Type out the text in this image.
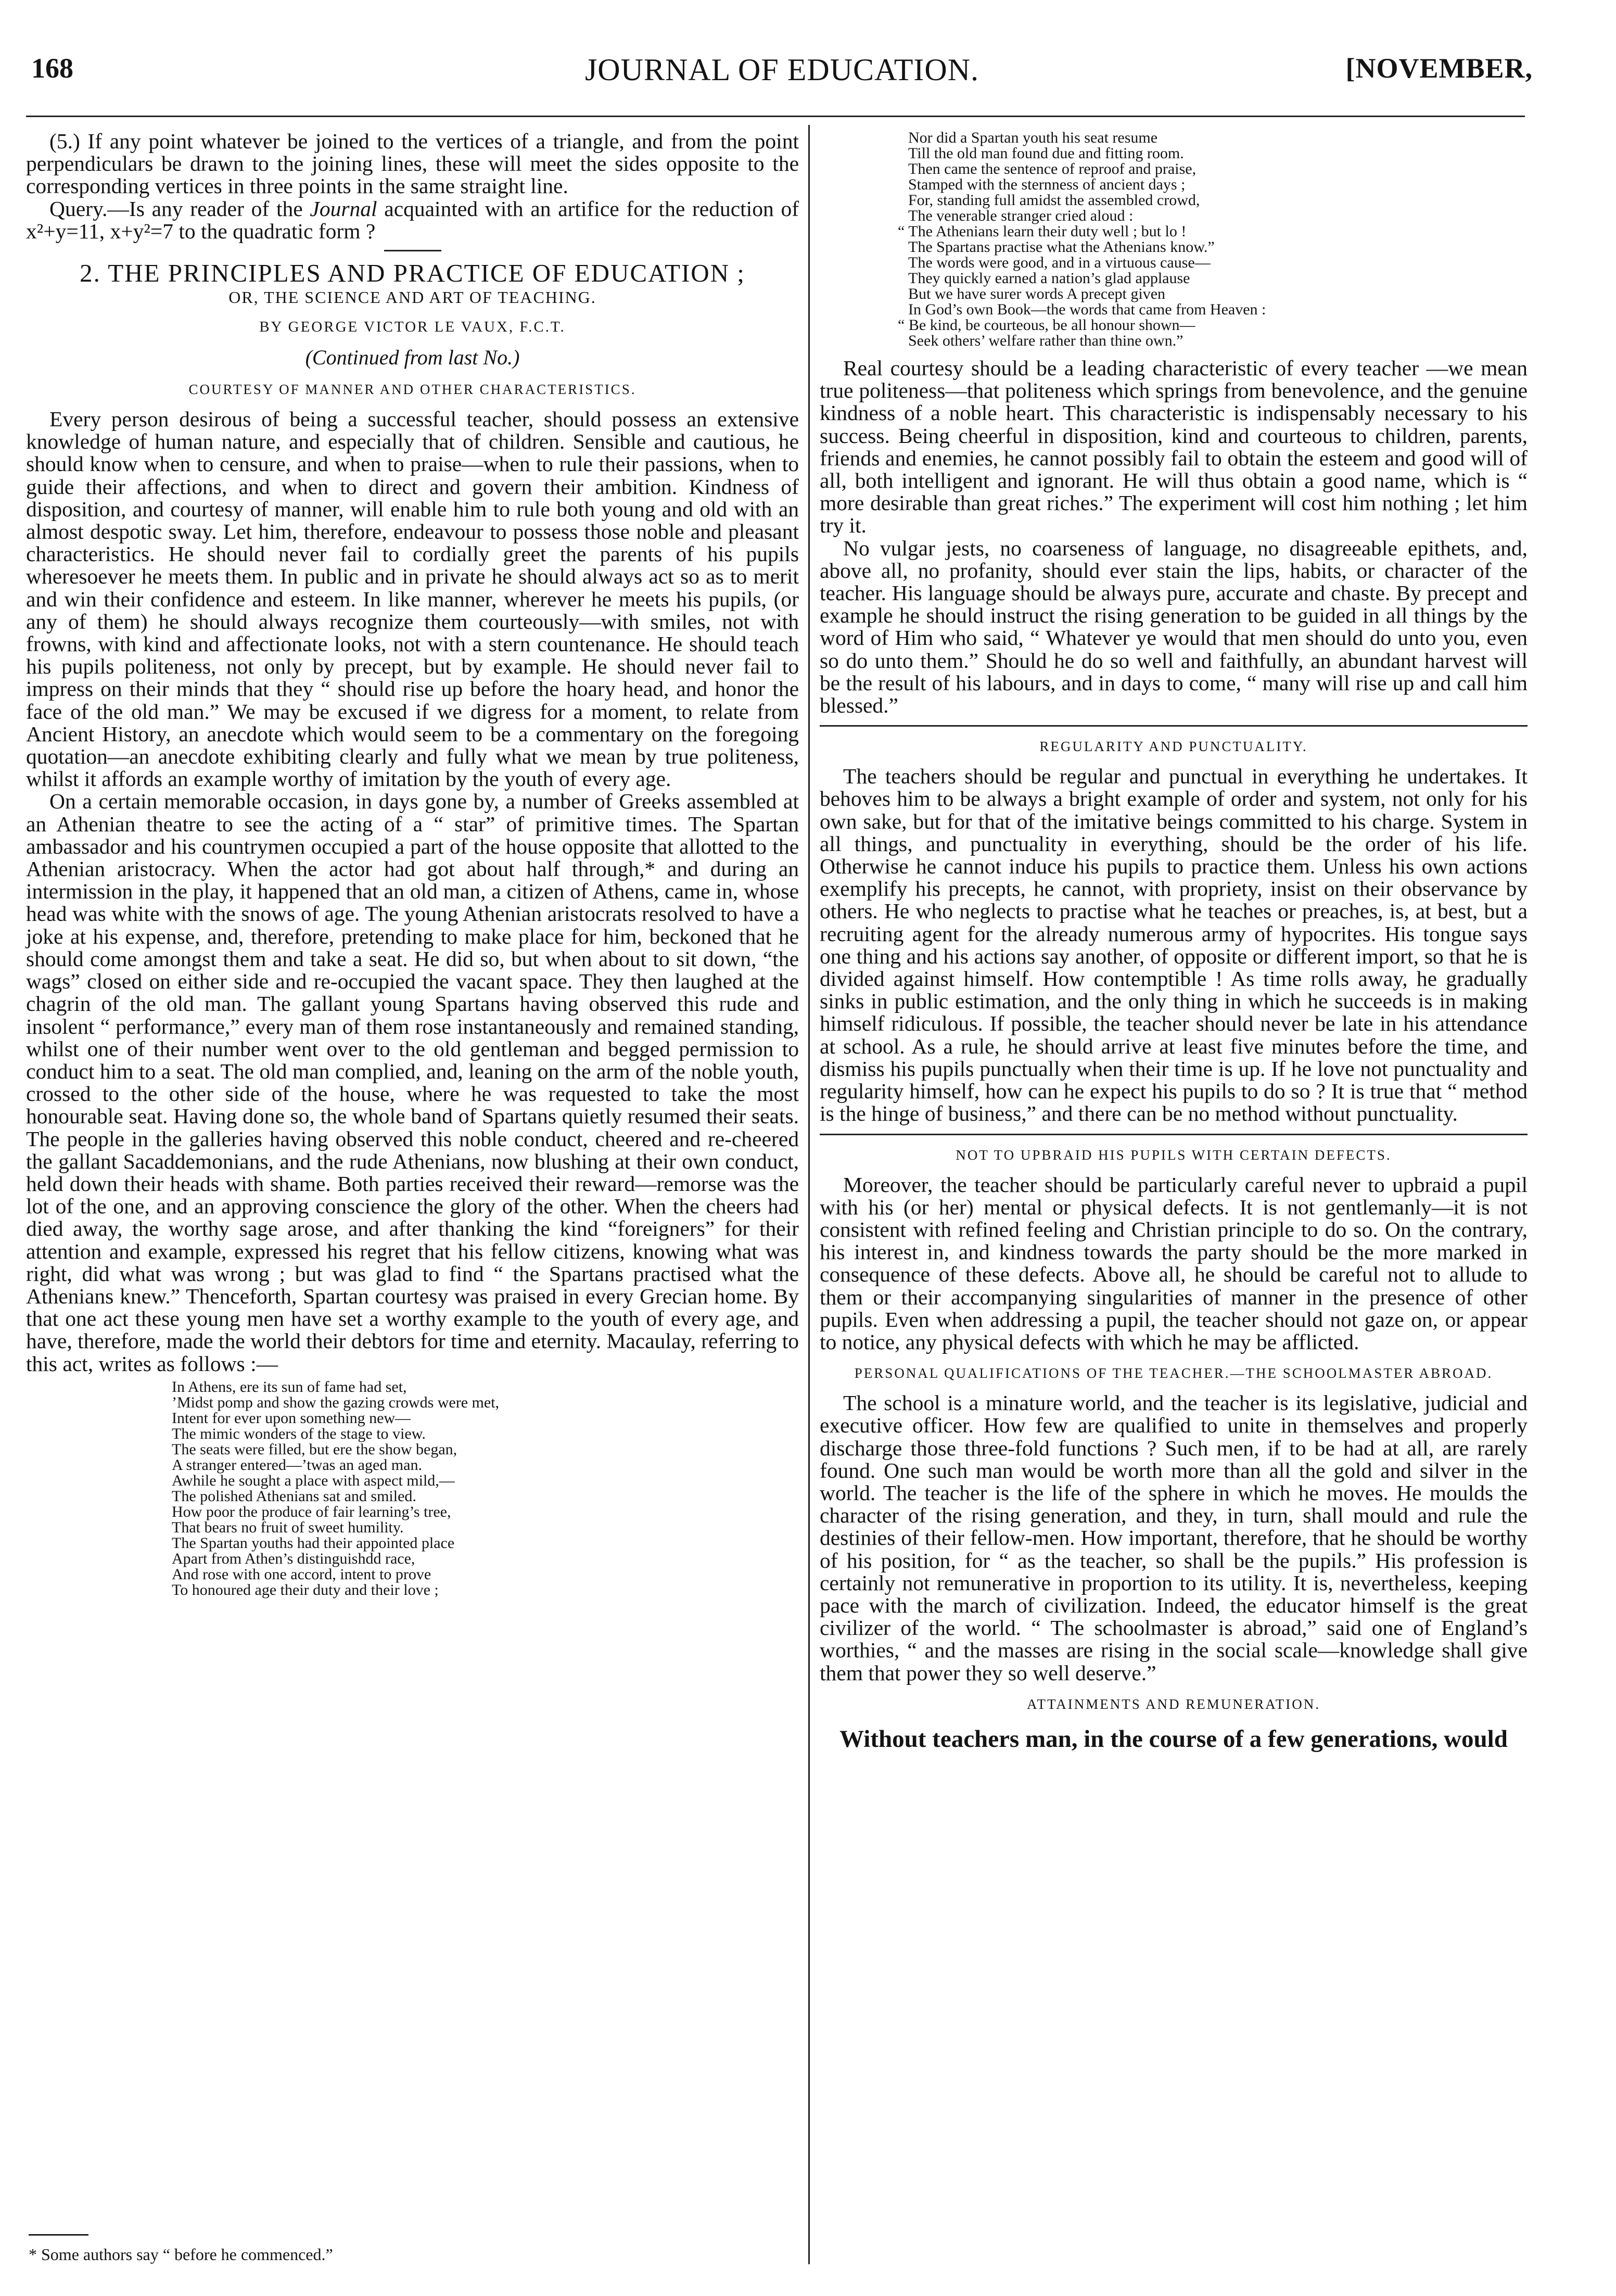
168	JOURNAL OF EDUCATION.	[NOVEMBER,

(5.) If any point whatever be joined to the vertices of a triangle, and from the point perpendiculars be drawn to the joining lines, these will meet the sides opposite to the corresponding vertices in three points in the same straight line.

Query.—Is any reader of the Journal acquainted with an artifice for the reduction of x²+y=11, x+y²=7 to the quadratic form ?

2. THE PRINCIPLES AND PRACTICE OF EDUCATION ;

OR, THE SCIENCE AND ART OF TEACHING.

BY GEORGE VICTOR LE VAUX, F.C.T.

(Continued from last No.)

COURTESY OF MANNER AND OTHER CHARACTERISTICS.

Every person desirous of being a successful teacher, should possess an extensive knowledge of human nature, and especially that of children. Sensible and cautious, he should know when to censure, and when to praise—when to rule their passions, when to guide their affections, and when to direct and govern their ambition. Kindness of disposition, and courtesy of manner, will enable him to rule both young and old with an almost despotic sway. Let him, therefore, endeavour to possess those noble and pleasant characteristics. He should never fail to cordially greet the parents of his pupils wheresoever he meets them. In public and in private he should always act so as to merit and win their confidence and esteem. In like manner, wherever he meets his pupils, (or any of them) he should always recognize them courteously—with smiles, not with frowns, with kind and affectionate looks, not with a stern countenance. He should teach his pupils politeness, not only by precept, but by example. He should never fail to impress on their minds that they “ should rise up before the hoary head, and honor the face of the old man.” We may be excused if we digress for a moment, to relate from Ancient History, an anecdote which would seem to be a commentary on the foregoing quotation—an anecdote exhibiting clearly and fully what we mean by true politeness, whilst it affords an example worthy of imitation by the youth of every age.

On a certain memorable occasion, in days gone by, a number of Greeks assembled at an Athenian theatre to see the acting of a “ star” of primitive times. The Spartan ambassador and his countrymen occupied a part of the house opposite that allotted to the Athenian aristocracy. When the actor had got about half through,* and during an intermission in the play, it happened that an old man, a citizen of Athens, came in, whose head was white with the snows of age. The young Athenian aristocrats resolved to have a joke at his expense, and, therefore, pretending to make place for him, beckoned that he should come amongst them and take a seat. He did so, but when about to sit down, “the wags” closed on either side and re-occupied the vacant space. They then laughed at the chagrin of the old man. The gallant young Spartans having observed this rude and insolent “ performance,” every man of them rose instantaneously and remained standing, whilst one of their number went over to the old gentleman and begged permission to conduct him to a seat. The old man complied, and, leaning on the arm of the noble youth, crossed to the other side of the house, where he was requested to take the most honourable seat. Having done so, the whole band of Spartans quietly resumed their seats. The people in the galleries having observed this noble conduct, cheered and re-cheered the gallant Sacaddemonians, and the rude Athenians, now blushing at their own conduct, held down their heads with shame. Both parties received their reward—remorse was the lot of the one, and an approving conscience the glory of the other. When the cheers had died away, the worthy sage arose, and after thanking the kind “foreigners” for their attention and example, expressed his regret that his fellow citizens, knowing what was right, did what was wrong ; but was glad to find “ the Spartans practised what the Athenians knew.” Thenceforth, Spartan courtesy was praised in every Grecian home. By that one act these young men have set a worthy example to the youth of every age, and have, therefore, made the world their debtors for time and eternity. Macaulay, referring to this act, writes as follows :—

In Athens, ere its sun of fame had set,
’Midst pomp and show the gazing crowds were met,
Intent for ever upon something new—
The mimic wonders of the stage to view.
The seats were filled, but ere the show began,
A stranger entered—’twas an aged man.
Awhile he sought a place with aspect mild,—
The polished Athenians sat and smiled.
How poor the produce of fair learning’s tree,
That bears no fruit of sweet humility.
The Spartan youths had their appointed place
Apart from Athen’s distinguishdd race,
And rose with one accord, intent to prove
To honoured age their duty and their love ;
* Some authors say “ before he commenced.”
Nor did a Spartan youth his seat resume
Till the old man found due and fitting room.
Then came the sentence of reproof and praise,
Stamped with the sternness of ancient days ;
For, standing full amidst the assembled crowd,
The venerable stranger cried aloud :
“ The Athenians learn their duty well ; but lo !
The Spartans practise what the Athenians know.”
The words were good, and in a virtuous cause—
They quickly earned a nation’s glad applause
But we have surer words A precept given
In God’s own Book—the words that came from Heaven :
“ Be kind, be courteous, be all honour shown—
Seek others’ welfare rather than thine own.”

Real courtesy should be a leading characteristic of every teacher —we mean true politeness—that politeness which springs from benevolence, and the genuine kindness of a noble heart. This characteristic is indispensably necessary to his success. Being cheerful in disposition, kind and courteous to children, parents, friends and enemies, he cannot possibly fail to obtain the esteem and good will of all, both intelligent and ignorant. He will thus obtain a good name, which is “ more desirable than great riches.” The experiment will cost him nothing ; let him try it.

No vulgar jests, no coarseness of language, no disagreeable epithets, and, above all, no profanity, should ever stain the lips, habits, or character of the teacher. His language should be always pure, accurate and chaste. By precept and example he should instruct the rising generation to be guided in all things by the word of Him who said, “ Whatever ye would that men should do unto you, even so do unto them.” Should he do so well and faithfully, an abundant harvest will be the result of his labours, and in days to come, “ many will rise up and call him blessed.”

REGULARITY AND PUNCTUALITY.

The teachers should be regular and punctual in everything he undertakes. It behoves him to be always a bright example of order and system, not only for his own sake, but for that of the imitative beings committed to his charge. System in all things, and punctuality in everything, should be the order of his life. Otherwise he cannot induce his pupils to practice them. Unless his own actions exemplify his precepts, he cannot, with propriety, insist on their observance by others. He who neglects to practise what he teaches or preaches, is, at best, but a recruiting agent for the already numerous army of hypocrites. His tongue says one thing and his actions say another, of opposite or different import, so that he is divided against himself. How contemptible ! As time rolls away, he gradually sinks in public estimation, and the only thing in which he succeeds is in making himself ridiculous. If possible, the teacher should never be late in his attendance at school. As a rule, he should arrive at least five minutes before the time, and dismiss his pupils punctually when their time is up. If he love not punctuality and regularity himself, how can he expect his pupils to do so ? It is true that “ method is the hinge of business,” and there can be no method without punctuality.

NOT TO UPBRAID HIS PUPILS WITH CERTAIN DEFECTS.

Moreover, the teacher should be particularly careful never to upbraid a pupil with his (or her) mental or physical defects. It is not gentlemanly—it is not consistent with refined feeling and Christian principle to do so. On the contrary, his interest in, and kindness towards the party should be the more marked in consequence of these defects. Above all, he should be careful not to allude to them or their accompanying singularities of manner in the presence of other pupils. Even when addressing a pupil, the teacher should not gaze on, or appear to notice, any physical defects with which he may be afflicted.

PERSONAL QUALIFICATIONS OF THE TEACHER.—THE SCHOOLMASTER ABROAD.

The school is a minature world, and the teacher is its legislative, judicial and executive officer. How few are qualified to unite in themselves and properly discharge those three-fold functions ? Such men, if to be had at all, are rarely found. One such man would be worth more than all the gold and silver in the world. The teacher is the life of the sphere in which he moves. He moulds the character of the rising generation, and they, in turn, shall mould and rule the destinies of their fellow-men. How important, therefore, that he should be worthy of his position, for “ as the teacher, so shall be the pupils.” His profession is certainly not remunerative in proportion to its utility. It is, nevertheless, keeping pace with the march of civilization. Indeed, the educator himself is the great civilizer of the world. “ The schoolmaster is abroad,” said one of England’s worthies, “ and the masses are rising in the social scale—knowledge shall give them that power they so well deserve.”

ATTAINMENTS AND REMUNERATION.

Without teachers man, in the course of a few generations, would
